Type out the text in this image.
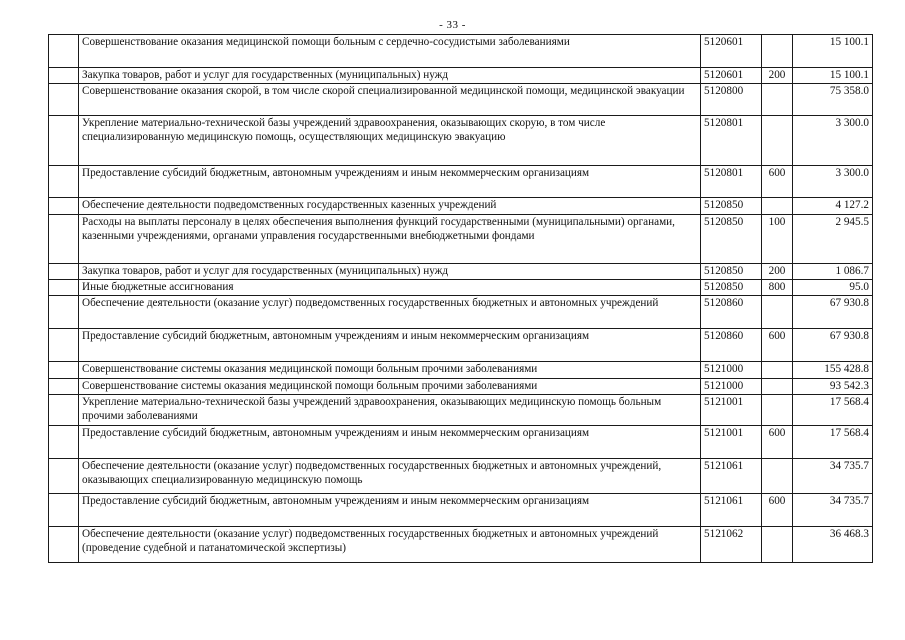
- 33 -
	Совершенствование оказания медицинской помощи больным с сердечно-сосудистыми заболеваниями	5120601		15 100.1
	Закупка товаров, работ и услуг для государственных (муниципальных) нужд	5120601	200	15 100.1
	Совершенствование оказания скорой, в том числе скорой специализированной медицинской помощи, медицинской эвакуации	5120800		75 358.0
	Укрепление материально-технической базы учреждений здравоохранения, оказывающих скорую, в том числе специализированную медицинскую помощь, осуществляющих медицинскую эвакуацию	5120801		3 300.0
	Предоставление субсидий бюджетным, автономным учреждениям и иным некоммерческим организациям	5120801	600	3 300.0
	Обеспечение деятельности подведомственных государственных казенных учреждений	5120850		4 127.2
	Расходы на выплаты персоналу в целях обеспечения выполнения функций государственными (муниципальными) органами, казенными учреждениями, органами управления государственными внебюджетными фондами	5120850	100	2 945.5
	Закупка товаров, работ и услуг для государственных (муниципальных) нужд	5120850	200	1 086.7
	Иные бюджетные ассигнования	5120850	800	95.0
	Обеспечение деятельности (оказание услуг) подведомственных государственных бюджетных и автономных учреждений	5120860		67 930.8
	Предоставление субсидий бюджетным, автономным учреждениям и иным некоммерческим организациям	5120860	600	67 930.8
	Совершенствование системы оказания медицинской помощи больным прочими заболеваниями	5121000		155 428.8
	Совершенствование системы оказания медицинской помощи больным прочими заболеваниями	5121000		93 542.3
	Укрепление материально-технической базы учреждений здравоохранения, оказывающих медицинскую помощь больным прочими заболеваниями	5121001		17 568.4
	Предоставление субсидий бюджетным, автономным учреждениям и иным некоммерческим организациям	5121001	600	17 568.4
	Обеспечение деятельности (оказание услуг) подведомственных государственных бюджетных и автономных учреждений, оказывающих специализированную медицинскую помощь	5121061		34 735.7
	Предоставление субсидий бюджетным, автономным учреждениям и иным некоммерческим организациям	5121061	600	34 735.7
	Обеспечение деятельности (оказание услуг) подведомственных государственных бюджетных и автономных учреждений (проведение судебной и патанатомической экспертизы)	5121062		36 468.3
